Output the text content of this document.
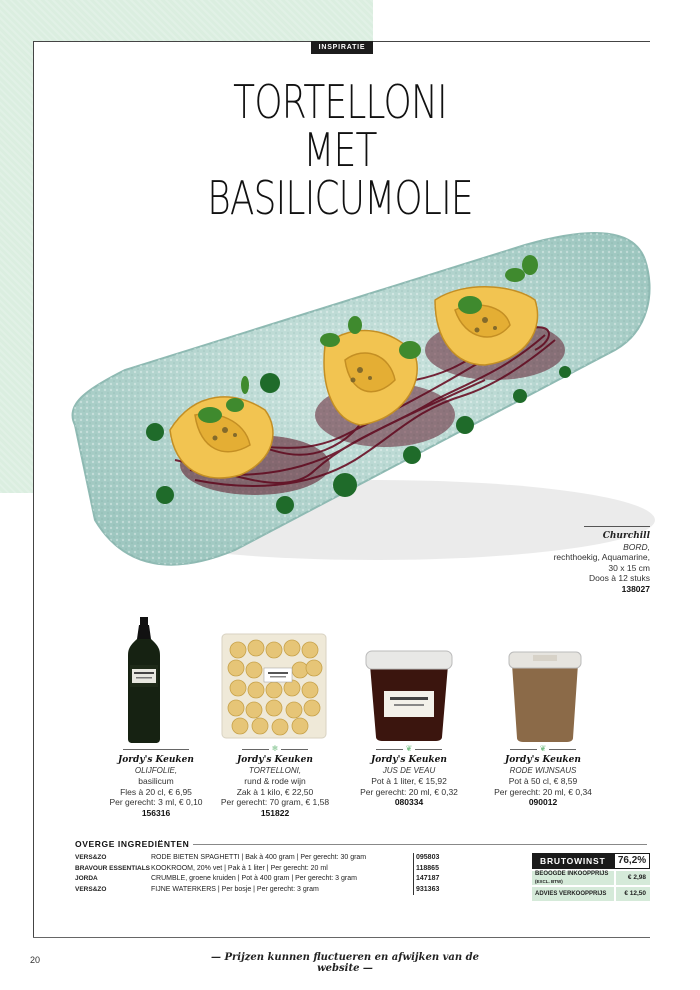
INSPIRATIE
TORTELLONI
MET BASILICUMOLIE
Churchill
BORD,
rechthoekig, Aquamarine,
30 x 15 cm
Doos à 12 stuks
138027
Jordy's Keuken
OLIJFOLIE,
basilicum
Fles à 20 cl, € 6,95
Per gerecht: 3 ml, € 0,10
156316
❄
Jordy's Keuken
TORTELLONI,
rund & rode wijn
Zak à 1 kilo, € 22,50
Per gerecht: 70 gram, € 1,58
151822
❦
Jordy's Keuken
JUS DE VEAU
Pot à 1 liter, € 15,92
Per gerecht: 20 ml, € 0,32
080334
❦
Jordy's Keuken
RODE WIJNSAUS
Pot à 50 cl, € 8,59
Per gerecht: 20 ml, € 0,34
090012
OVERGE INGREDIËNTEN
VERS&ZO	RODE BIETEN SPAGHETTI | Bak à 400 gram | Per gerecht: 30 gram	095803
BRAVOUR ESSENTIALS KOOKROOM, 20% vet | Pak à 1 liter | Per gerecht: 20 ml	118865
JORDA	CRUMBLE, groene kruiden | Pot à 400 gram | Per gerecht: 3 gram	147187
VERS&ZO	FIJNE WATERKERS | Per bosje | Per gerecht: 3 gram	931363
BRUTOWINST	76,2%
BEOOGDE INKOOPPRIJS (EXCL. BTW)	€ 2,98
ADVIES VERKOOPPRIJS	€ 12,50
20	— Prijzen kunnen fluctueren en afwijken van de website —
